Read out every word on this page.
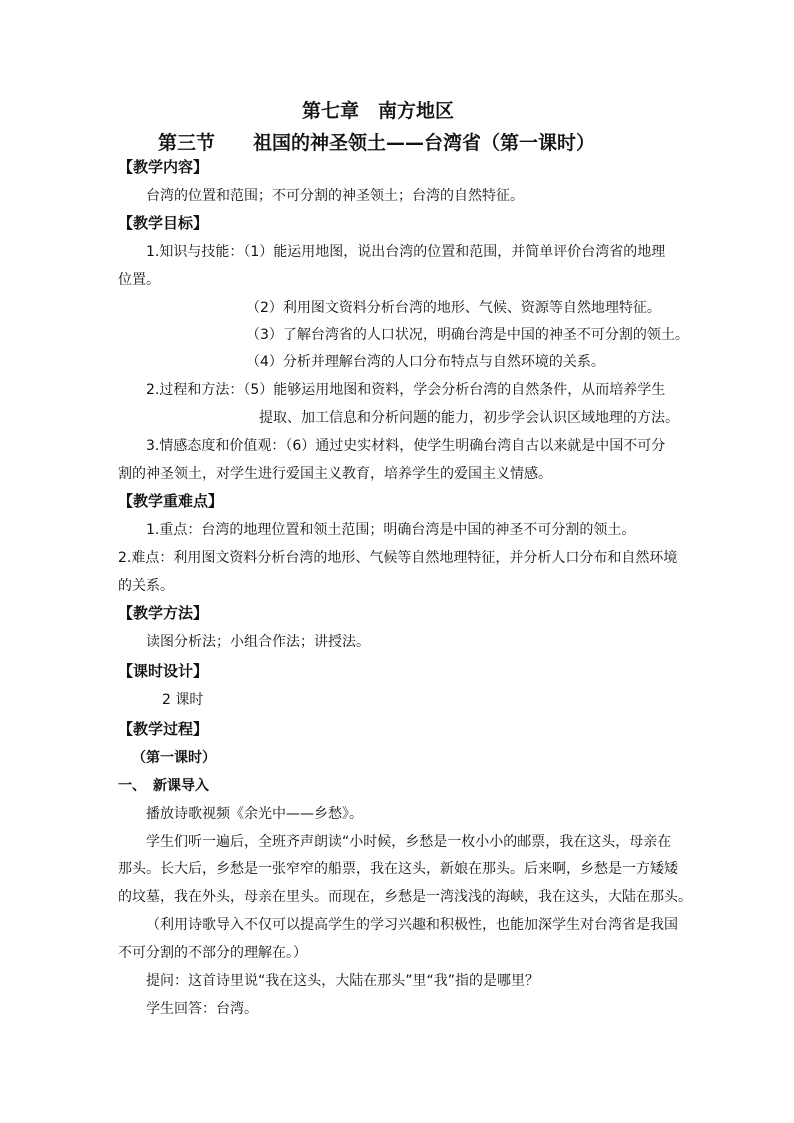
第七章　南方地区
第三节　　祖国的神圣领土——台湾省（第一课时）
【教学内容】
台湾的位置和范围；不可分割的神圣领土；台湾的自然特征。
【教学目标】
1.知识与技能：（1）能运用地图，说出台湾的位置和范围，并简单评价台湾省的地理
位置。
（2）利用图文资料分析台湾的地形、气候、资源等自然地理特征。
（3）了解台湾省的人口状况，明确台湾是中国的神圣不可分割的领土。
（4）分析并理解台湾的人口分布特点与自然环境的关系。
2.过程和方法：（5）能够运用地图和资料，学会分析台湾的自然条件，从而培养学生
提取、加工信息和分析问题的能力，初步学会认识区域地理的方法。
3.情感态度和价值观：（6）通过史实材料，使学生明确台湾自古以来就是中国不可分
割的神圣领土，对学生进行爱国主义教育，培养学生的爱国主义情感。
【教学重难点】
1.重点：台湾的地理位置和领土范围；明确台湾是中国的神圣不可分割的领土。
2.难点：利用图文资料分析台湾的地形、气候等自然地理特征，并分析人口分布和自然环境
的关系。
【教学方法】
读图分析法；小组合作法；讲授法。
【课时设计】
2 课时
【教学过程】
（第一课时）
一、　新课导入
播放诗歌视频《余光中——乡愁》。
学生们听一遍后，全班齐声朗读“小时候，乡愁是一枚小小的邮票，我在这头，母亲在
那头。长大后，乡愁是一张窄窄的船票，我在这头，新娘在那头。后来啊，乡愁是一方矮矮
的坟墓，我在外头，母亲在里头。而现在，乡愁是一湾浅浅的海峡，我在这头，大陆在那头。
（利用诗歌导入不仅可以提高学生的学习兴趣和积极性，也能加深学生对台湾省是我国
不可分割的不部分的理解在。）
提问：这首诗里说“我在这头，大陆在那头”里“我”指的是哪里？
学生回答：台湾。
